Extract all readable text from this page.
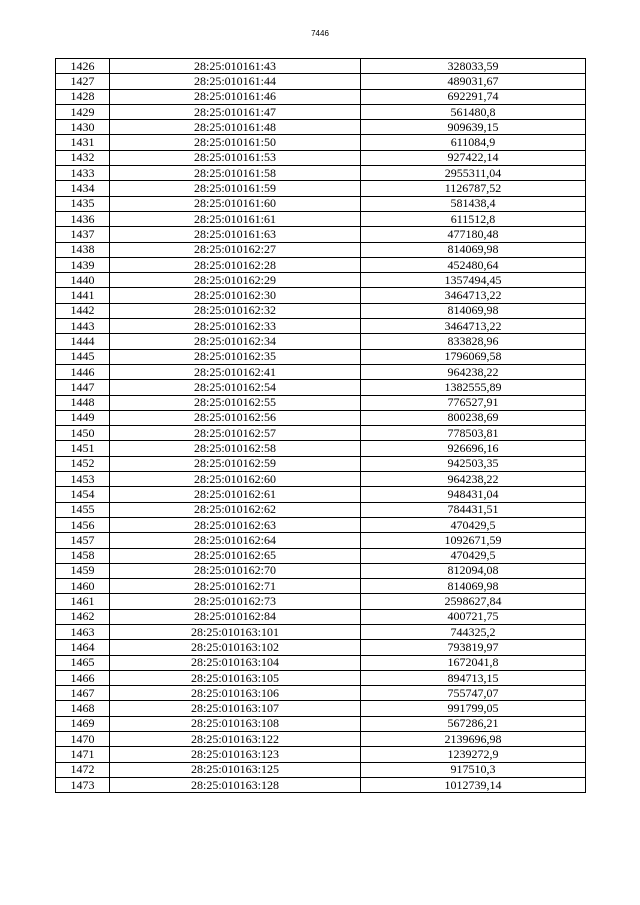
7446
1426	28:25:010161:43	328033,59
1427	28:25:010161:44	489031,67
1428	28:25:010161:46	692291,74
1429	28:25:010161:47	561480,8
1430	28:25:010161:48	909639,15
1431	28:25:010161:50	611084,9
1432	28:25:010161:53	927422,14
1433	28:25:010161:58	2955311,04
1434	28:25:010161:59	1126787,52
1435	28:25:010161:60	581438,4
1436	28:25:010161:61	611512,8
1437	28:25:010161:63	477180,48
1438	28:25:010162:27	814069,98
1439	28:25:010162:28	452480,64
1440	28:25:010162:29	1357494,45
1441	28:25:010162:30	3464713,22
1442	28:25:010162:32	814069,98
1443	28:25:010162:33	3464713,22
1444	28:25:010162:34	833828,96
1445	28:25:010162:35	1796069,58
1446	28:25:010162:41	964238,22
1447	28:25:010162:54	1382555,89
1448	28:25:010162:55	776527,91
1449	28:25:010162:56	800238,69
1450	28:25:010162:57	778503,81
1451	28:25:010162:58	926696,16
1452	28:25:010162:59	942503,35
1453	28:25:010162:60	964238,22
1454	28:25:010162:61	948431,04
1455	28:25:010162:62	784431,51
1456	28:25:010162:63	470429,5
1457	28:25:010162:64	1092671,59
1458	28:25:010162:65	470429,5
1459	28:25:010162:70	812094,08
1460	28:25:010162:71	814069,98
1461	28:25:010162:73	2598627,84
1462	28:25:010162:84	400721,75
1463	28:25:010163:101	744325,2
1464	28:25:010163:102	793819,97
1465	28:25:010163:104	1672041,8
1466	28:25:010163:105	894713,15
1467	28:25:010163:106	755747,07
1468	28:25:010163:107	991799,05
1469	28:25:010163:108	567286,21
1470	28:25:010163:122	2139696,98
1471	28:25:010163:123	1239272,9
1472	28:25:010163:125	917510,3
1473	28:25:010163:128	1012739,14
